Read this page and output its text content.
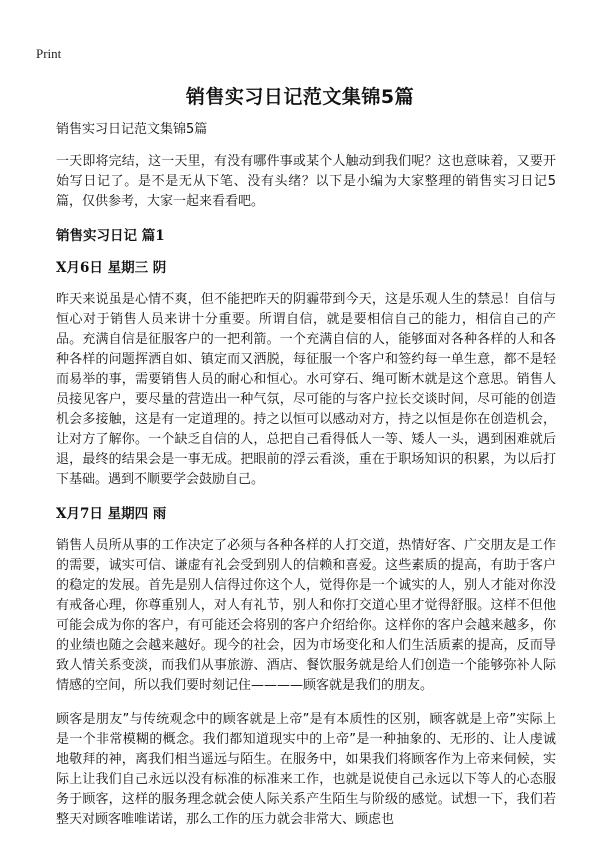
Print
销售实习日记范文集锦5篇

销售实习日记范文集锦5篇

一天即将完结，这一天里，有没有哪件事或某个人触动到我们呢？这也意味着，又要开始写日记了。是不是无从下笔、没有头绪？以下是小编为大家整理的销售实习日记5篇，仅供参考，大家一起来看看吧。

销售实习日记 篇1
X月6日 星期三 阴

昨天来说虽是心情不爽，但不能把昨天的阴霾带到今天，这是乐观人生的禁忌！自信与恒心对于销售人员来讲十分重要。所谓自信，就是要相信自己的能力，相信自己的产品。充满自信是征服客户的一把利箭。一个充满自信的人，能够面对各种各样的人和各种各样的问题挥洒自如、镇定而又洒脱，每征服一个客户和签约每一单生意，都不是轻而易举的事，需要销售人员的耐心和恒心。水可穿石、绳可断木就是这个意思。销售人员接见客户，要尽量的营造出一种气氛，尽可能的与客户拉长交谈时间，尽可能的创造机会多接触，这是有一定道理的。持之以恒可以感动对方，持之以恒是你在创造机会，让对方了解你。一个缺乏自信的人，总把自己看得低人一等、矮人一头，遇到困难就后退，最终的结果会是一事无成。把眼前的浮云看淡，重在于职场知识的积累，为以后打下基础。遇到不顺要学会鼓励自己。

X月7日 星期四 雨

销售人员所从事的工作决定了必须与各种各样的人打交道，热情好客、广交朋友是工作的需要，诚实可信、谦虚有礼会受到别人的信赖和喜爱。这些素质的提高，有助于客户的稳定的发展。首先是别人信得过你这个人，觉得你是一个诚实的人，别人才能对你没有戒备心理，你尊重别人，对人有礼节，别人和你打交道心里才觉得舒服。这样不但他可能会成为你的客户，有可能还会将别的客户介绍给你。这样你的客户会越来越多，你的业绩也随之会越来越好。现今的社会，因为市场变化和人们生活质素的提高，反而导致人情关系变淡，而我们从事旅游、酒店、餐饮服务就是给人们创造一个能够弥补人际情感的空间，所以我们要时刻记住————顾客就是我们的朋友。

顾客是朋友”与传统观念中的顾客就是上帝”是有本质性的区别，顾客就是上帝”实际上是一个非常模糊的概念。我们都知道现实中的上帝”是一种抽象的、无形的、让人虔诚地敬拜的神，离我们相当遥远与陌生。在服务中，如果我们将顾客作为上帝来伺候，实际上让我们自己永远以没有标准的标准来工作，也就是说使自己永远以下等人的心态服务于顾客，这样的服务理念就会使人际关系产生陌生与阶级的感觉。试想一下，我们若整天对顾客唯唯诺诺，那么工作的压力就会非常大、顾虑也
